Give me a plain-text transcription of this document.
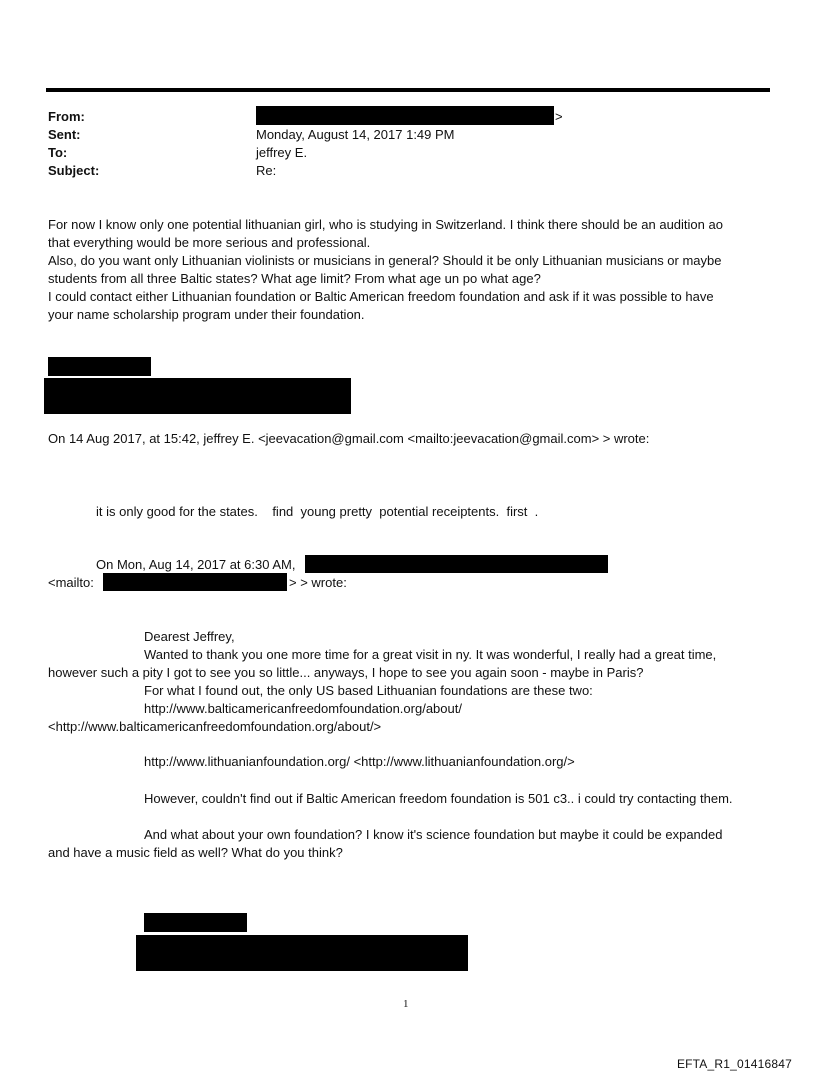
From:	>
Sent:	Monday, August 14, 2017 1:49 PM
To:	jeffrey E.
Subject:	Re:

For now I know only one potential lithuanian girl, who is studying in Switzerland. I think there should be an audition ao

that everything would be more serious and professional.

Also, do you want only Lithuanian violinists or musicians in general? Should it be only Lithuanian musicians or maybe

students from all three Baltic states? What age limit? From what age un po what age?

I could contact either Lithuanian foundation or Baltic American freedom foundation and ask if it was possible to have

your name scholarship program under their foundation.

On 14 Aug 2017, at 15:42, jeffrey E. <jeevacation@gmail.com <mailto:jeevacation@gmail.com> > wrote:
it is only good for the states.    find  young pretty  potential receiptents.  first  .
On Mon, Aug 14, 2017 at 6:30 AM,
<mailto:	> > wrote:
Dearest Jeffrey,
Wanted to thank you one more time for a great visit in ny. It was wonderful, I really had a great time,
however such a pity I got to see you so little... anyways, I hope to see you again soon - maybe in Paris?
For what I found out, the only US based Lithuanian foundations are these two:
http://www.balticamericanfreedomfoundation.org/about/
<http://www.balticamericanfreedomfoundation.org/about/>
http://www.lithuanianfoundation.org/ <http://www.lithuanianfoundation.org/>
However, couldn't find out if Baltic American freedom foundation is 501 c3.. i could try contacting them.
And what about your own foundation? I know it's science foundation but maybe it could be expanded
and have a music field as well? What do you think?
1
EFTA_R1_01416847
